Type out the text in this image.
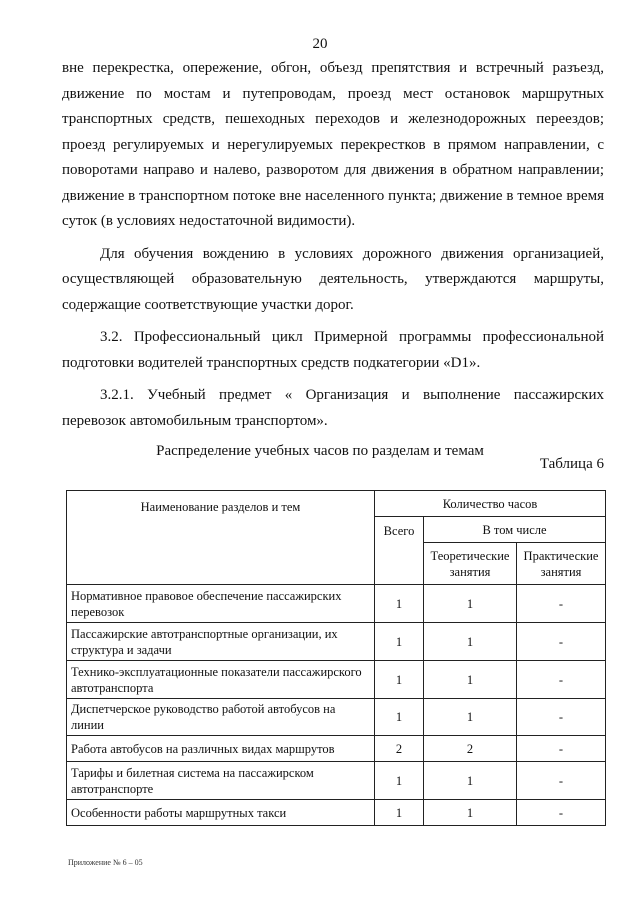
20

вне перекрестка, опережение, обгон, объезд препятствия и встречный разъезд, движение по мостам и путепроводам, проезд мест остановок маршрутных транспортных средств, пешеходных переходов и железнодорожных переездов; проезд регулируемых и нерегулируемых перекрестков в прямом направлении, с поворотами направо и налево, разворотом для движения в обратном направлении; движение в транспортном потоке вне населенного пункта; движение в темное время суток (в условиях недостаточной видимости).

Для обучения вождению в условиях дорожного движения организацией, осуществляющей образовательную деятельность, утверждаются маршруты, содержащие соответствующие участки дорог.

3.2. Профессиональный цикл Примерной программы профессиональной подготовки водителей транспортных средств подкатегории «D1».

3.2.1. Учебный предмет « Организация и выполнение пассажирских перевозок автомобильным транспортом».

Распределение учебных часов по разделам и темам
Таблица 6
Наименование разделов и тем	Количество часов		
	Всего	В том числе	
		Теоретические занятия	Практические занятия
Нормативное правовое обеспечение пассажирских перевозок	1	1	-
Пассажирские автотранспортные организации, их структура и задачи	1	1	-
Технико-эксплуатационные показатели пассажирского автотранспорта	1	1	-
Диспетчерское руководство работой автобусов на линии	1	1	-
Работа автобусов на различных видах маршрутов	2	2	-
Тарифы и билетная система на пассажирском автотранспорте	1	1	-
Особенности работы маршрутных такси	1	1	-
Приложение № 6 – 05
